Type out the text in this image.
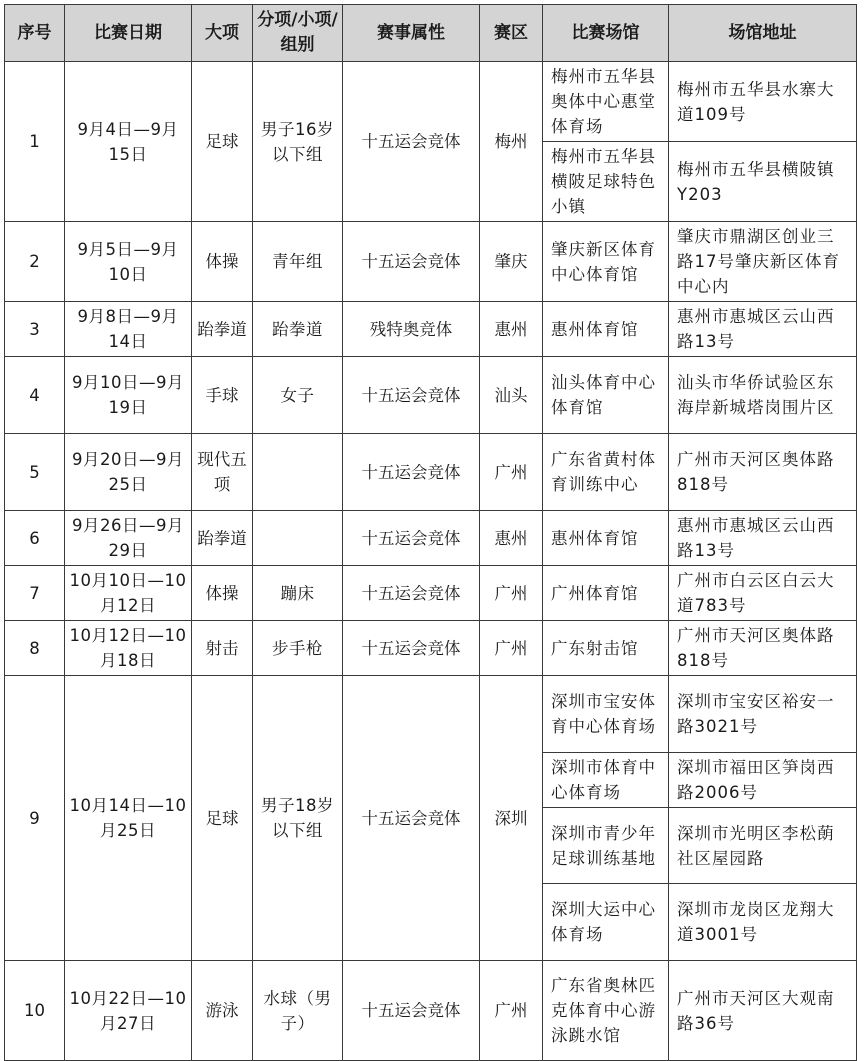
序号	比赛日期	大项	分项/小项/组别	赛事属性	赛区	比赛场馆	场馆地址
1	9月4日—9月15日	足球	男子16岁以下组	十五运会竞体	梅州	梅州市五华县奥体中心惠堂体育场	梅州市五华县水寨大道109号
						梅州市五华县横陂足球特色小镇	梅州市五华县横陂镇Y203
2	9月5日—9月10日	体操	青年组	十五运会竞体	肇庆	肇庆新区体育中心体育馆	肇庆市鼎湖区创业三路17号肇庆新区体育中心内
3	9月8日—9月14日	跆拳道	跆拳道	残特奥竞体	惠州	惠州体育馆	惠州市惠城区云山西路13号
4	9月10日—9月19日	手球	女子	十五运会竞体	汕头	汕头体育中心体育馆	汕头市华侨试验区东海岸新城塔岗围片区
5	9月20日—9月25日	现代五项		十五运会竞体	广州	广东省黄村体育训练中心	广州市天河区奥体路818号
6	9月26日—9月29日	跆拳道		十五运会竞体	惠州	惠州体育馆	惠州市惠城区云山西路13号
7	10月10日—10月12日	体操	蹦床	十五运会竞体	广州	广州体育馆	广州市白云区白云大道783号
8	10月12日—10月18日	射击	步手枪	十五运会竞体	广州	广东射击馆	广州市天河区奥体路818号
9	10月14日—10月25日	足球	男子18岁以下组	十五运会竞体	深圳	深圳市宝安体育中心体育场	深圳市宝安区裕安一路3021号
						深圳市体育中心体育场	深圳市福田区笋岗西路2006号
						深圳市青少年足球训练基地	深圳市光明区李松蓢社区屋园路
						深圳大运中心体育场	深圳市龙岗区龙翔大道3001号
10	10月22日—10月27日	游泳	水球（男子）	十五运会竞体	广州	广东省奥林匹克体育中心游泳跳水馆	广州市天河区大观南路36号
